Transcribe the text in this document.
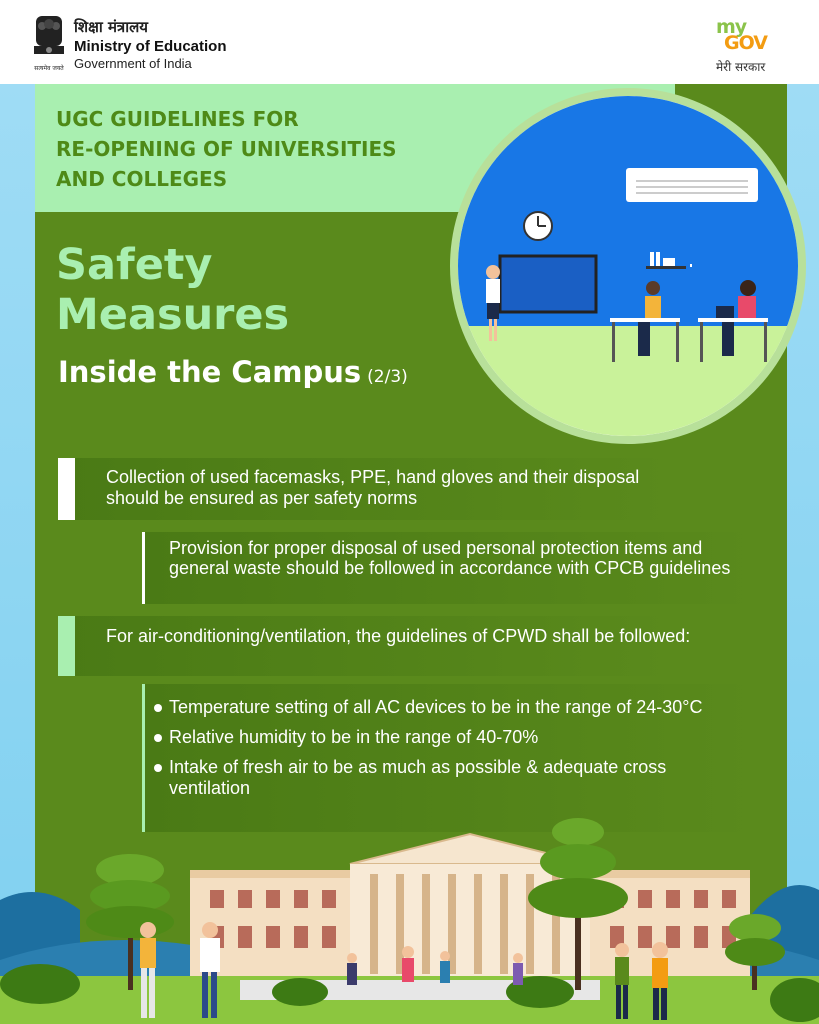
सत्यमेव जयते
शिक्षा मंत्रालय
Ministry of Education
Government of India
my
GOV
मेरी सरकार
UGC GUIDELINES FOR
RE-OPENING OF UNIVERSITIES
AND COLLEGES
Safety
Measures
Inside the Campus (2/3)
Collection of used facemasks, PPE, hand gloves and their disposal should be ensured as per safety norms
Provision for proper disposal of used personal protection items and general waste should be followed in accordance with CPCB guidelines
For air-conditioning/ventilation, the guidelines of CPWD shall be followed:
Temperature setting of all AC devices to be in the range of 24-30°C
Relative humidity to be in the range of 40-70%
Intake of fresh air to be as much as possible & adequate cross ventilation
